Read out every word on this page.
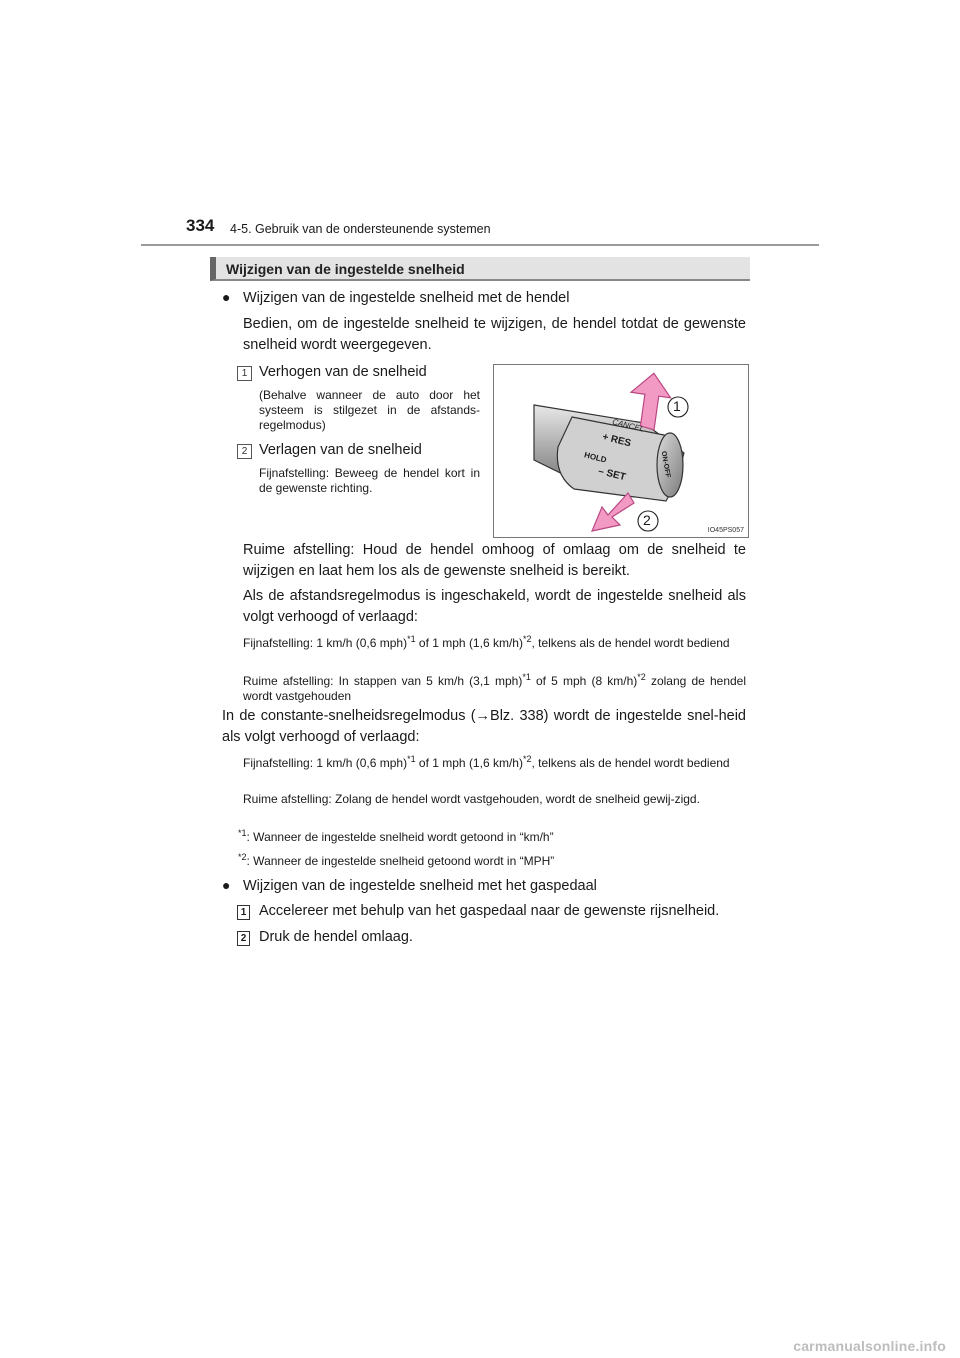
334 4-5. Gebruik van de ondersteunende systemen
Wijzigen van de ingestelde snelheid
● Wijzigen van de ingestelde snelheid met de hendel
Bedien, om de ingestelde snelheid te wijzigen, de hendel totdat de gewenste snelheid wordt weergegeven.
1 Verhogen van de snelheid
(Behalve wanneer de auto door het systeem is stilgezet in de afstands-regelmodus)
2 Verlagen van de snelheid
Fijnafstelling: Beweeg de hendel kort in de gewenste richting.
1
2
CANCEL
+ RES
HOLD
– SET	ON-OFF
IO45PS057
Ruime afstelling: Houd de hendel omhoog of omlaag om de snelheid te wijzigen en laat hem los als de gewenste snelheid is bereikt.
Als de afstandsregelmodus is ingeschakeld, wordt de ingestelde snelheid als volgt verhoogd of verlaagd:
Fijnafstelling: 1 km/h (0,6 mph)$^{*1}$ of 1 mph (1,6 km/h)$^{*2}$, telkens als de hendel wordt bediend
Ruime afstelling: In stappen van 5 km/h (3,1 mph)$^{*1}$ of 5 mph (8 km/h)$^{*2}$ zolang de hendel wordt vastgehouden
In de constante-snelheidsregelmodus (→Blz. 338) wordt de ingestelde snel-heid als volgt verhoogd of verlaagd:
Fijnafstelling: 1 km/h (0,6 mph)$^{*1}$ of 1 mph (1,6 km/h)$^{*2}$, telkens als de hendel wordt bediend
Ruime afstelling: Zolang de hendel wordt vastgehouden, wordt de snelheid gewij-zigd.
$^{*1}$: Wanneer de ingestelde snelheid wordt getoond in “km/h”
$^{*2}$: Wanneer de ingestelde snelheid getoond wordt in “MPH”
● Wijzigen van de ingestelde snelheid met het gaspedaal
1 Accelereer met behulp van het gaspedaal naar de gewenste rijsnelheid.
2 Druk de hendel omlaag.
carmanualsonline.info
